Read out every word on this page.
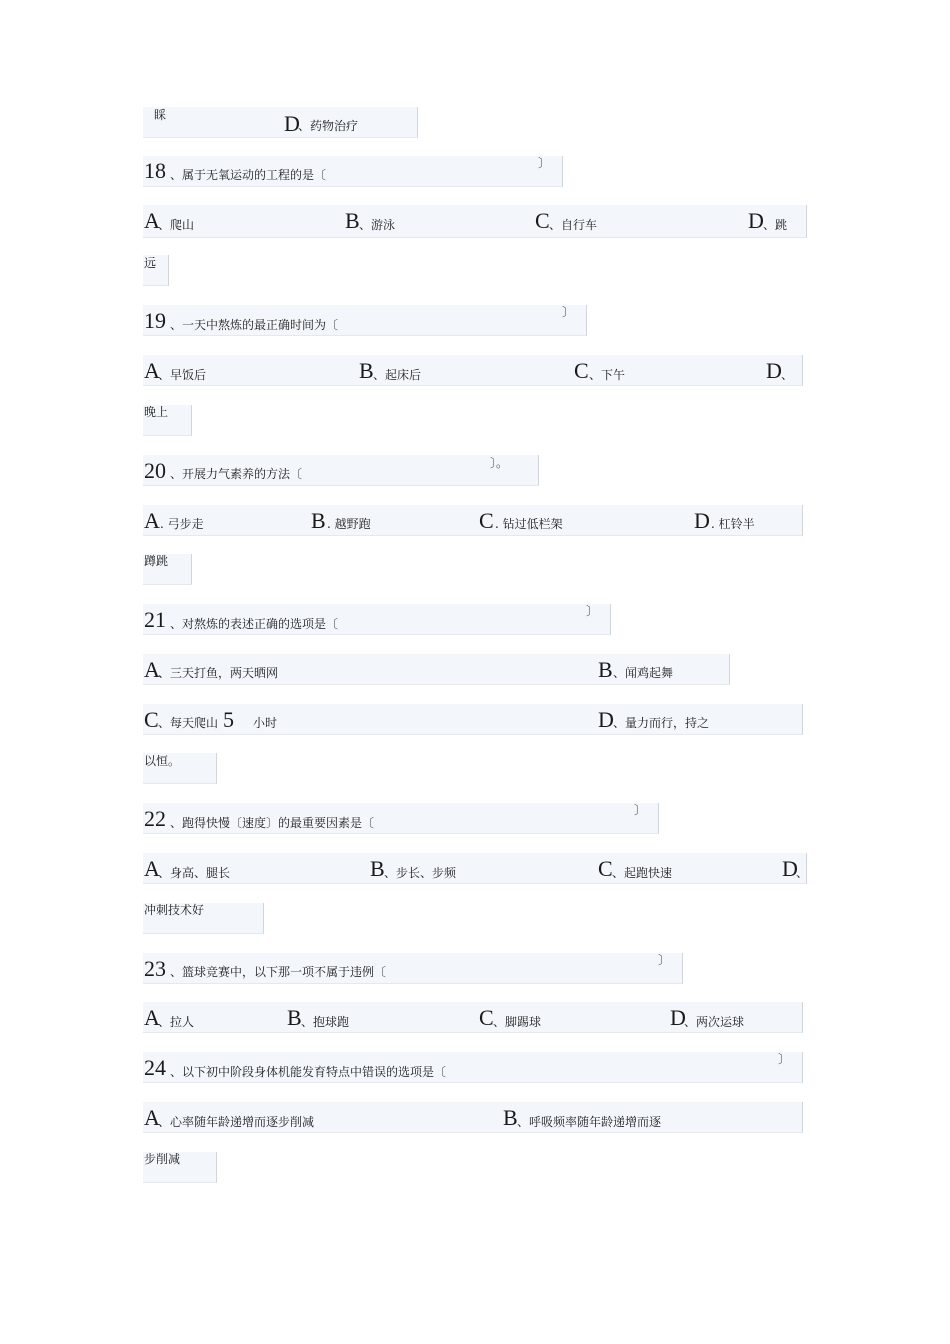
睬	D
、药物治疗
18 、属于无氧运动的工程的是〔
〕
A
、爬山	B 、游泳	C 、自行车	D 、跳
远
19 、一天中熬炼的最正确时间为〔
〕
A
、早饭后	B 、起床后	C 、下午	D 、
晚上
20 、开展力气素养的方法〔
〕。
A . 弓步走	B . 越野跑	C . 钻过低栏架	D . 杠铃半
蹲跳
21 、对熬炼的表述正确的选项是〔
〕
A
、三天打鱼，两天晒网	B 、闻鸡起舞
C 、每天爬山 5 小时	D 、量力而行，持之
以恒。
22 、跑得快慢〔速度〕的最重要因素是〔
〕
A
、身高、腿长	B 、步长、步频	C 、起跑快速	D
、
冲刺技术好
23 、篮球竞赛中，以下那一项不属于违例〔
〕
A
、拉人	B 、抱球跑	C 、脚踢球	D
、两次运球
24 、以下初中阶段身体机能发育特点中错误的选项是〔
〕
A
、心率随年龄递增而逐步削减	B 、呼吸频率随年龄递增而逐
步削减
